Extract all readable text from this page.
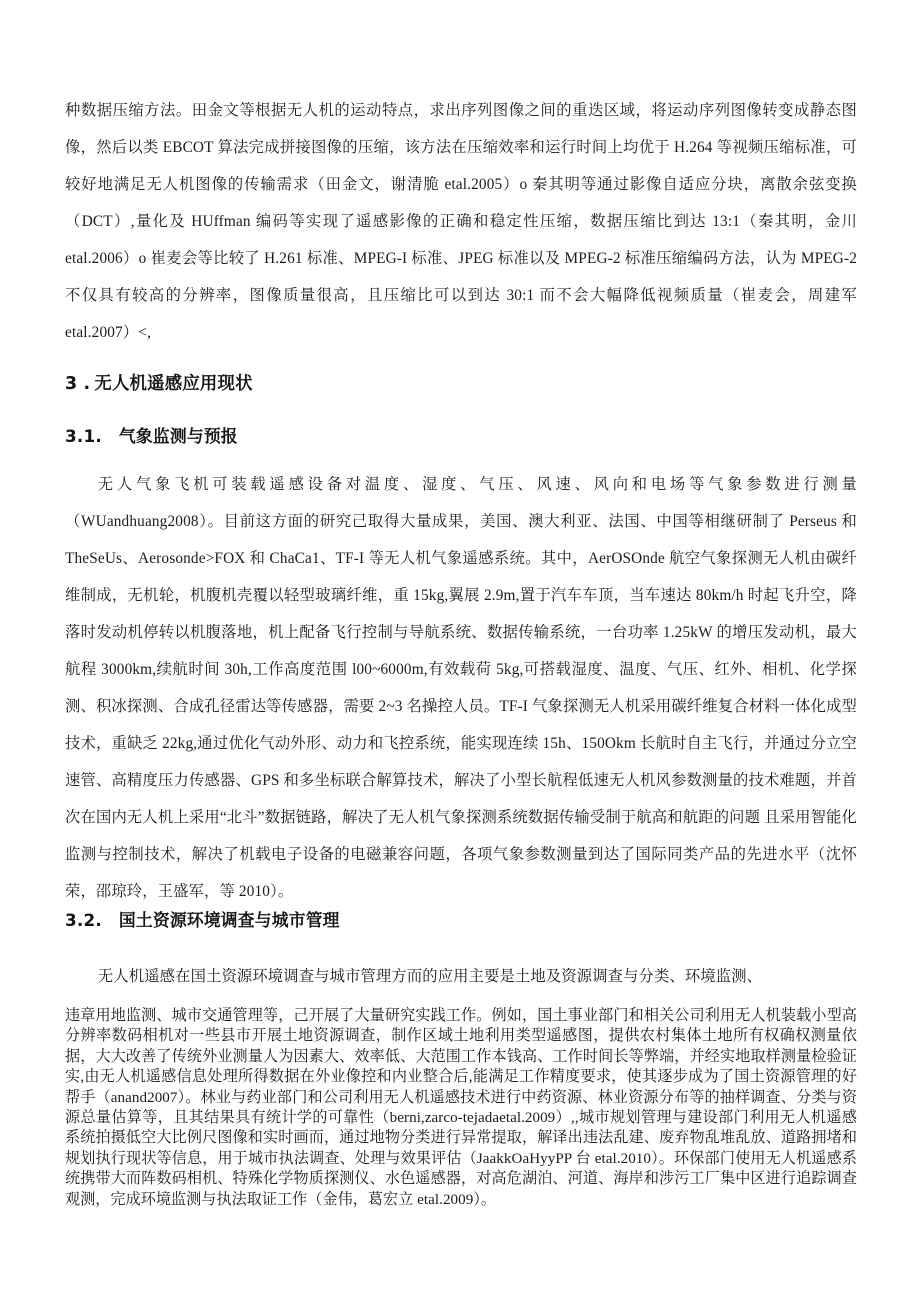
种数据压缩方法。田金文等根据无人机的运动特点，求出序列图像之间的重迭区域，将运动序列图像转变成静态图像，然后以类 EBCOT 算法完成拼接图像的压缩，该方法在压缩效率和运行时间上均优于 H.264 等视频压缩标准，可较好地满足无人机图像的传输需求（田金文，谢清脆 etal.2005）o 秦其明等通过影像自适应分块，离散余弦变换（DCT）,量化及 HUffman 编码等实现了遥感影像的正确和稳定性压缩，数据压缩比到达 13:1（秦其明，金川 etal.2006）o 崔麦会等比较了 H.261 标准、MPEG-I 标准、JPEG 标准以及 MPEG-2 标准压缩编码方法，认为 MPEG-2 不仅具有较高的分辨率，图像质量很高，且压缩比可以到达 30:1 而不会大幅降低视频质量（崔麦会，周建军 etal.2007）<,

3 . 无人机遥感应用现状
3.1. 气象监测与预报

无人气象飞机可装载遥感设备对温度、湿度、气压、风速、风向和电场等气象参数进行测量（WUandhuang2008）。目前这方面的研究己取得大量成果，美国、澳大利亚、法国、中国等相继研制了 Perseus 和 TheSeUs、Aerosonde>FOX 和 ChaCa1、TF-I 等无人机气象遥感系统。其中，AerOSOnde 航空气象探测无人机由碳纤维制成，无机轮，机腹机壳覆以轻型玻璃纤维，重 15kg,翼展 2.9m,置于汽车车顶，当车速达 80km/h 时起飞升空，降落时发动机停转以机腹落地，机上配备飞行控制与导航系统、数据传输系统，一台功率 1.25kW 的增压发动机，最大航程 3000km,续航时间 30h,工作高度范围 l00~6000m,有效载荷 5kg,可搭载湿度、温度、气压、红外、相机、化学探测、积冰探测、合成孔径雷达等传感器，需要 2~3 名操控人员。TF-I 气象探测无人机采用碳纤维复合材料一体化成型技术，重缺乏 22kg,通过优化气动外形、动力和飞控系统，能实现连续 15h、150Okm 长航时自主飞行，并通过分立空速管、高精度压力传感器、GPS 和多坐标联合解算技术，解决了小型长航程低速无人机风参数测量的技术难题，并首次在国内无人机上采用“北斗”数据链路，解决了无人机气象探测系统数据传输受制于航高和航距的问题 且采用智能化监测与控制技术，解决了机载电子设备的电磁兼容问题，各项气象参数测量到达了国际同类产品的先进水平（沈怀荣，邵琼玲，王盛军，等 2010）。

3.2. 国土资源环境调查与城市管理

无人机遥感在国土资源环境调查与城市管理方而的应用主要是土地及资源调查与分类、环境监测、

违章用地监测、城市交通管理等，己开展了大量研究实践工作。例如，国土事业部门和相关公司利用无人机装载小型高分辨率数码相机对一些县市开展土地资源调查，制作区域土地利用类型遥感图，提供农村集体土地所有权确权测量依据，大大改善了传统外业测量人为因素大、效率低、大范围工作本钱高、工作时间长等弊端，并经实地取样测量检验证实,由无人机遥感信息处理所得数据在外业像控和内业整合后,能满足工作精度要求，使其逐步成为了国土资源管理的好帮手（anand2007）。林业与药业部门和公司利用无人机遥感技术进行中药资源、林业资源分布等的抽样调查、分类与资源总量估算等，且其结果具有统计学的可靠性（berni,zarco-tejadaetal.2009）,,城市规划管理与建设部门利用无人机遥感系统拍摄低空大比例尺图像和实时画而，通过地物分类进行异常提取，解译出违法乱建、废弃物乱堆乱放、道路拥堵和规划执行现状等信息，用于城市执法调查、处理与效果评估（JaakkOaHyyPP 台 etal.2010）。环保部门使用无人机遥感系统携带大而阵数码相机、特殊化学物质探测仪、水色遥感器，对高危湖泊、河道、海岸和涉污工厂集中区进行追踪调查观测，完成环境监测与执法取证工作（金伟，葛宏立 etal.2009）。
